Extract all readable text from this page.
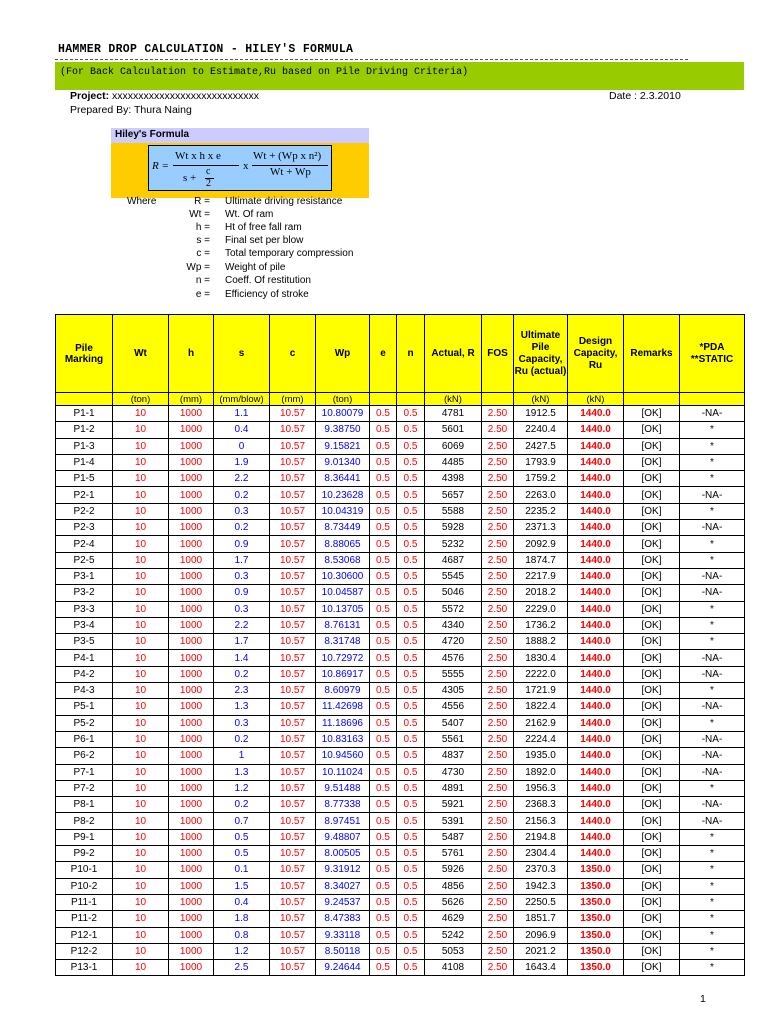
HAMMER DROP CALCULATION - HILEY'S FORMULA
(For Back Calculation to Estimate,Ru based on Pile Driving Criteria)
Project: xxxxxxxxxxxxxxxxxxxxxxxxxxxx	Date : 2.3.2010
Prepared By: Thura Naing
Hiley's Formula
R =
Wt x h x e
s +
c
2
x
Wt + (Wp x n²)
Wt + Wp
Where	R = Ultimate driving resistance
Wt = Wt. Of ram
h = Ht of free fall ram
s = Final set per blow
c = Total temporary compression
Wp = Weight of pile
n = Coeff. Of restitution
e = Efficiency of stroke
Pile Marking	Wt	h	s	c	Wp	e	n	Actual, R	FOS	Ultimate Pile Capacity, Ru (actual)	Design Capacity, Ru	Remarks	*PDA **STATIC
	(ton)	(mm)	(mm/blow)	(mm)	(ton)			(kN)		(kN)	(kN)		
P1-1	10	1000	1.1	10.57	10.80079	0.5	0.5	4781	2.50	1912.5	1440.0	[OK]	-NA-
P1-2	10	1000	0.4	10.57	9.38750	0.5	0.5	5601	2.50	2240.4	1440.0	[OK]	*
P1-3	10	1000	0	10.57	9.15821	0.5	0.5	6069	2.50	2427.5	1440.0	[OK]	*
P1-4	10	1000	1.9	10.57	9.01340	0.5	0.5	4485	2.50	1793.9	1440.0	[OK]	*
P1-5	10	1000	2.2	10.57	8.36441	0.5	0.5	4398	2.50	1759.2	1440.0	[OK]	*
P2-1	10	1000	0.2	10.57	10.23628	0.5	0.5	5657	2.50	2263.0	1440.0	[OK]	-NA-
P2-2	10	1000	0.3	10.57	10.04319	0.5	0.5	5588	2.50	2235.2	1440.0	[OK]	*
P2-3	10	1000	0.2	10.57	8.73449	0.5	0.5	5928	2.50	2371.3	1440.0	[OK]	-NA-
P2-4	10	1000	0.9	10.57	8.88065	0.5	0.5	5232	2.50	2092.9	1440.0	[OK]	*
P2-5	10	1000	1.7	10.57	8.53068	0.5	0.5	4687	2.50	1874.7	1440.0	[OK]	*
P3-1	10	1000	0.3	10.57	10.30600	0.5	0.5	5545	2.50	2217.9	1440.0	[OK]	-NA-
P3-2	10	1000	0.9	10.57	10.04587	0.5	0.5	5046	2.50	2018.2	1440.0	[OK]	-NA-
P3-3	10	1000	0.3	10.57	10.13705	0.5	0.5	5572	2.50	2229.0	1440.0	[OK]	*
P3-4	10	1000	2.2	10.57	8.76131	0.5	0.5	4340	2.50	1736.2	1440.0	[OK]	*
P3-5	10	1000	1.7	10.57	8.31748	0.5	0.5	4720	2.50	1888.2	1440.0	[OK]	*
P4-1	10	1000	1.4	10.57	10.72972	0.5	0.5	4576	2.50	1830.4	1440.0	[OK]	-NA-
P4-2	10	1000	0.2	10.57	10.86917	0.5	0.5	5555	2.50	2222.0	1440.0	[OK]	-NA-
P4-3	10	1000	2.3	10.57	8.60979	0.5	0.5	4305	2.50	1721.9	1440.0	[OK]	*
P5-1	10	1000	1.3	10.57	11.42698	0.5	0.5	4556	2.50	1822.4	1440.0	[OK]	-NA-
P5-2	10	1000	0.3	10.57	11.18696	0.5	0.5	5407	2.50	2162.9	1440.0	[OK]	*
P6-1	10	1000	0.2	10.57	10.83163	0.5	0.5	5561	2.50	2224.4	1440.0	[OK]	-NA-
P6-2	10	1000	1	10.57	10.94560	0.5	0.5	4837	2.50	1935.0	1440.0	[OK]	-NA-
P7-1	10	1000	1.3	10.57	10.11024	0.5	0.5	4730	2.50	1892.0	1440.0	[OK]	-NA-
P7-2	10	1000	1.2	10.57	9.51488	0.5	0.5	4891	2.50	1956.3	1440.0	[OK]	*
P8-1	10	1000	0.2	10.57	8.77338	0.5	0.5	5921	2.50	2368.3	1440.0	[OK]	-NA-
P8-2	10	1000	0.7	10.57	8.97451	0.5	0.5	5391	2.50	2156.3	1440.0	[OK]	-NA-
P9-1	10	1000	0.5	10.57	9.48807	0.5	0.5	5487	2.50	2194.8	1440.0	[OK]	*
P9-2	10	1000	0.5	10.57	8.00505	0.5	0.5	5761	2.50	2304.4	1440.0	[OK]	*
P10-1	10	1000	0.1	10.57	9.31912	0.5	0.5	5926	2.50	2370.3	1350.0	[OK]	*
P10-2	10	1000	1.5	10.57	8.34027	0.5	0.5	4856	2.50	1942.3	1350.0	[OK]	*
P11-1	10	1000	0.4	10.57	9.24537	0.5	0.5	5626	2.50	2250.5	1350.0	[OK]	*
P11-2	10	1000	1.8	10.57	8.47383	0.5	0.5	4629	2.50	1851.7	1350.0	[OK]	*
P12-1	10	1000	0.8	10.57	9.33118	0.5	0.5	5242	2.50	2096.9	1350.0	[OK]	*
P12-2	10	1000	1.2	10.57	8.50118	0.5	0.5	5053	2.50	2021.2	1350.0	[OK]	*
P13-1	10	1000	2.5	10.57	9.24644	0.5	0.5	4108	2.50	1643.4	1350.0	[OK]	*
1
